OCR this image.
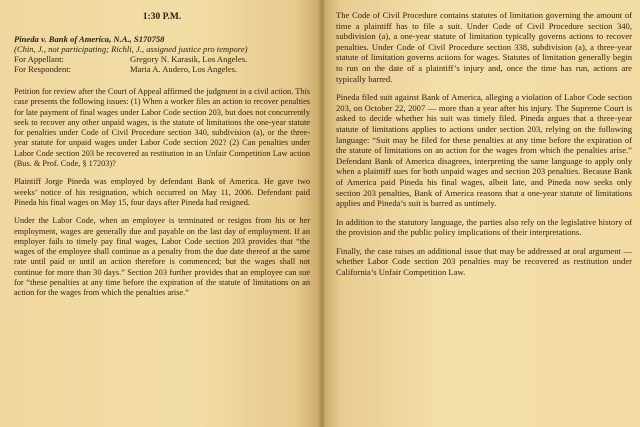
1:30 P.M.
Pineda v. Bank of America, N.A., S170758
(Chin, J., not participating; Richli, J., assigned justice pro tempore)
For Appellant:	Gregory N. Karasik, Los Angeles.
For Respondent:	Maria A. Audero, Los Angeles.

Petition for review after the Court of Appeal affirmed the judgment in a civil action. This case presents the following issues: (1) When a worker files an action to recover penalties for late payment of final wages under Labor Code section 203, but does not concurrently seek to recover any other unpaid wages, is the statute of limitations the one-year statute for penalties under Code of Civil Procedure section 340, subdivision (a), or the three-year statute for unpaid wages under Labor Code section 202? (2) Can penalties under Labor Code section 203 be recovered as restitution in an Unfair Competition Law action (Bus. & Prof. Code, § 17203)?

Plaintiff Jorge Pineda was employed by defendant Bank of America. He gave two weeks’ notice of his resignation, which occurred on May 11, 2006. Defendant paid Pineda his final wages on May 15, four days after Pineda had resigned.

Under the Labor Code, when an employee is terminated or resigns from his or her employment, wages are generally due and payable on the last day of employment. If an employer fails to timely pay final wages, Labor Code section 203 provides that “the wages of the employee shall continue as a penalty from the due date thereof at the same rate until paid or until an action therefore is commenced; but the wages shall not continue for more than 30 days.” Section 203 further provides that an employee can sue for “these penalties at any time before the expiration of the statute of limitations on an action for the wages from which the penalties arise.”

The Code of Civil Procedure contains statutes of limitation governing the amount of time a plaintiff has to file a suit. Under Code of Civil Procedure section 340, subdivision (a), a one-year statute of limitation typically governs actions to recover penalties. Under Code of Civil Procedure section 338, subdivision (a), a three-year statute of limitation governs actions for wages. Statutes of limitation generally begin to run on the date of a plaintiff’s injury and, once the time has run, actions are typically barred.

Pineda filed suit against Bank of America, alleging a violation of Labor Code section 203, on October 22, 2007 — more than a year after his injury. The Supreme Court is asked to decide whether his suit was timely filed. Pineda argues that a three-year statute of limitations applies to actions under section 203, relying on the following language: “Suit may be filed for these penalties at any time before the expiration of the statute of limitations on an action for the wages from which the penalties arise.” Defendant Bank of America disagrees, interpreting the same language to apply only when a plaintiff sues for both unpaid wages and section 203 penalties. Because Bank of America paid Pineda his final wages, albeit late, and Pineda now seeks only section 203 penalties, Bank of America reasons that a one-year statute of limitations applies and Pineda’s suit is barred as untimely.

In addition to the statutory language, the parties also rely on the legislative history of the provision and the public policy implications of their interpretations.

Finally, the case raises an additional issue that may be addressed at oral argument — whether Labor Code section 203 penalties may be recovered as restitution under California’s Unfair Competition Law.
